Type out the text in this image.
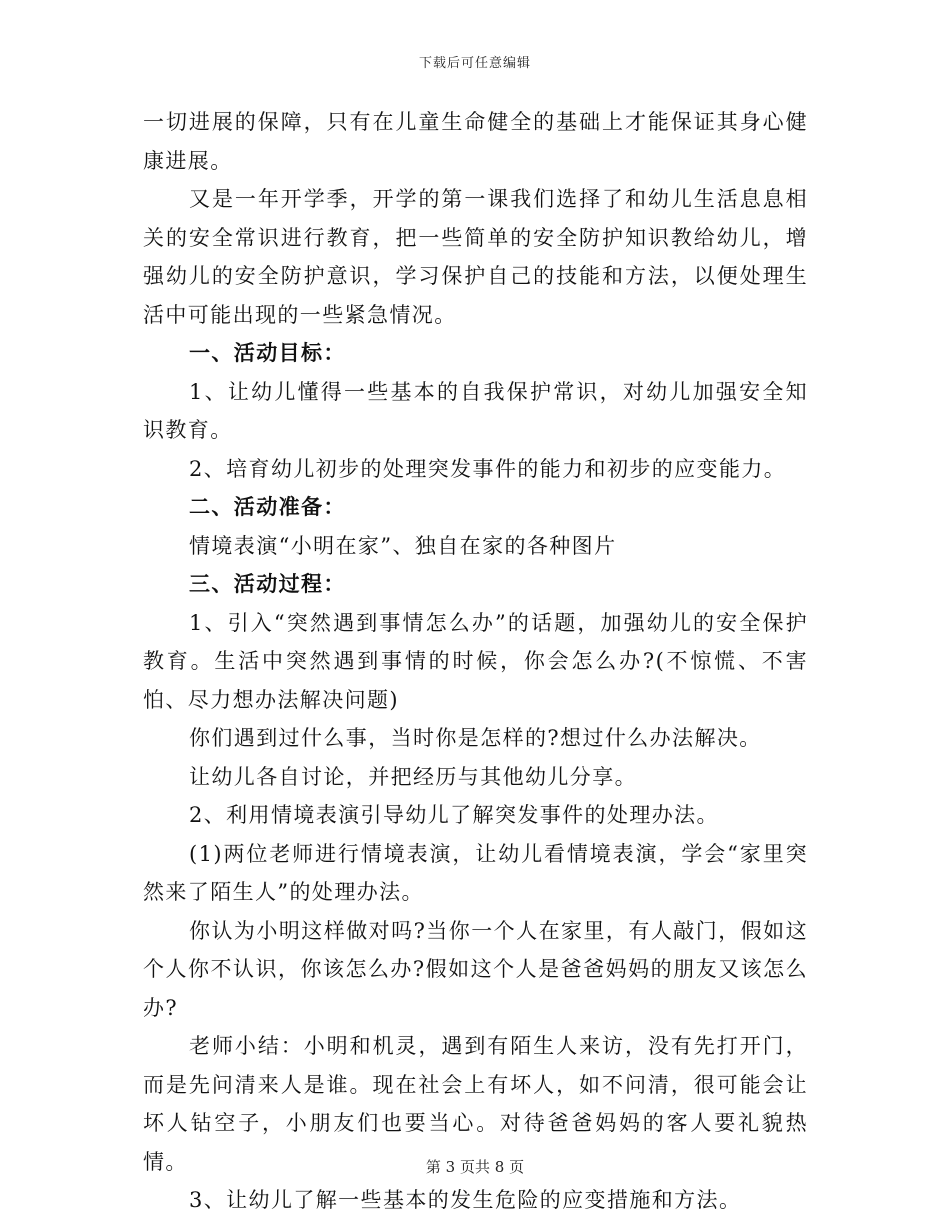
下载后可任意编辑

一切进展的保障，只有在儿童生命健全的基础上才能保证其身心健康进展。

又是一年开学季，开学的第一课我们选择了和幼儿生活息息相关的安全常识进行教育，把一些简单的安全防护知识教给幼儿，增强幼儿的安全防护意识，学习保护自己的技能和方法，以便处理生活中可能出现的一些紧急情况。

一、活动目标：

1、让幼儿懂得一些基本的自我保护常识，对幼儿加强安全知识教育。

2、培育幼儿初步的处理突发事件的能力和初步的应变能力。

二、活动准备：

情境表演“小明在家”、独自在家的各种图片

三、活动过程：

1、引入“突然遇到事情怎么办”的话题，加强幼儿的安全保护教育。生活中突然遇到事情的时候，你会怎么办?(不惊慌、不害怕、尽力想办法解决问题)

你们遇到过什么事，当时你是怎样的?想过什么办法解决。

让幼儿各自讨论，并把经历与其他幼儿分享。

2、利用情境表演引导幼儿了解突发事件的处理办法。

(1)两位老师进行情境表演，让幼儿看情境表演，学会“家里突然来了陌生人”的处理办法。

你认为小明这样做对吗?当你一个人在家里，有人敲门，假如这个人你不认识，你该怎么办?假如这个人是爸爸妈妈的朋友又该怎么办?

老师小结：小明和机灵，遇到有陌生人来访，没有先打开门，而是先问清来人是谁。现在社会上有坏人，如不问清，很可能会让坏人钻空子，小朋友们也要当心。对待爸爸妈妈的客人要礼貌热情。

3、让幼儿了解一些基本的发生危险的应变措施和方法。

第 3 页共 8 页
